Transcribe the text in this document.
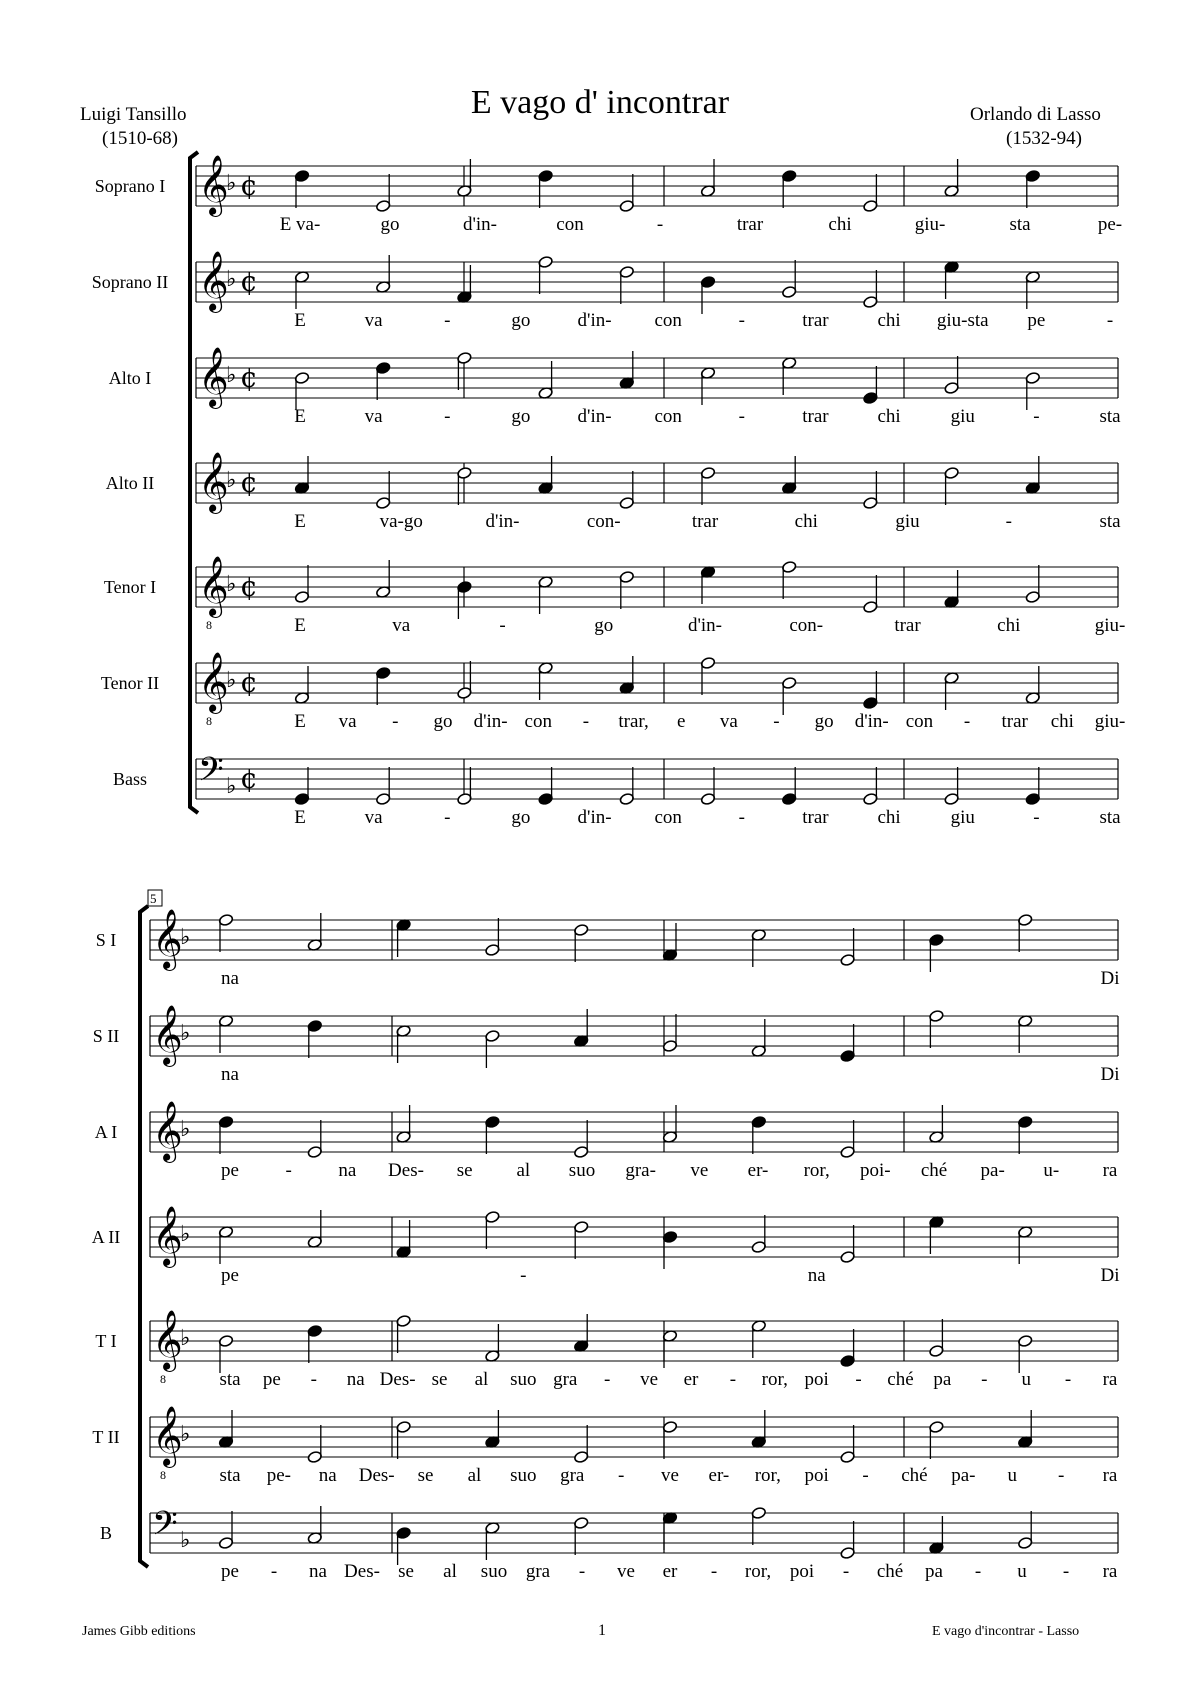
E vago d' incontrar
Luigi Tansillo
(1510-68)
Orlando di Lasso
(1532-94)
Soprano I 𝄞
♭ ¢
E va-	go	d'in-	con	-	trar	chi	giu-	sta	pe-
Soprano II 𝄞
♭ ¢
E	va	-	go d'in- con	-	trar	chi giu-sta pe	-
Alto I 𝄞
♭ ¢
E	va	-	go d'in- con	-	trar	chi	giu	-	sta
Alto II 𝄞
♭ ¢
E	va-go	d'in-	con-	trar	chi	giu	-	sta
Tenor I 𝄞
8
♭ ¢
E	va	-	go	d'in-	con-	trar	chi	giu-
Tenor II 𝄞
8
♭ ¢
E va - go d'in- con - trar, e va - go d'in- con - trar chi giu-
Bass 𝄢 ♭ ¢
E	va	-	go d'in- con	-	trar	chi	giu	-	sta
5
S I 𝄞
♭
na	Di
S II 𝄞
♭
na	Di
A I 𝄞
♭
pe - na Des- se al suo gra- ve er- ror, poi- ché pa- u- ra
A II 𝄞
♭
pe	-	na	Di
T I 𝄞
8
♭
sta pe - na Des- se al suo gra - ve er - ror, poi - ché pa - u - ra
T II 𝄞
8
♭
sta pe- na Des- se al suo gra - ve er- ror, poi - ché pa- u - ra
B 𝄢 ♭
pe - na Des- se al suo gra - ve er - ror, poi - ché pa - u - ra
James Gibb editions	1	E vago d'incontrar - Lasso
